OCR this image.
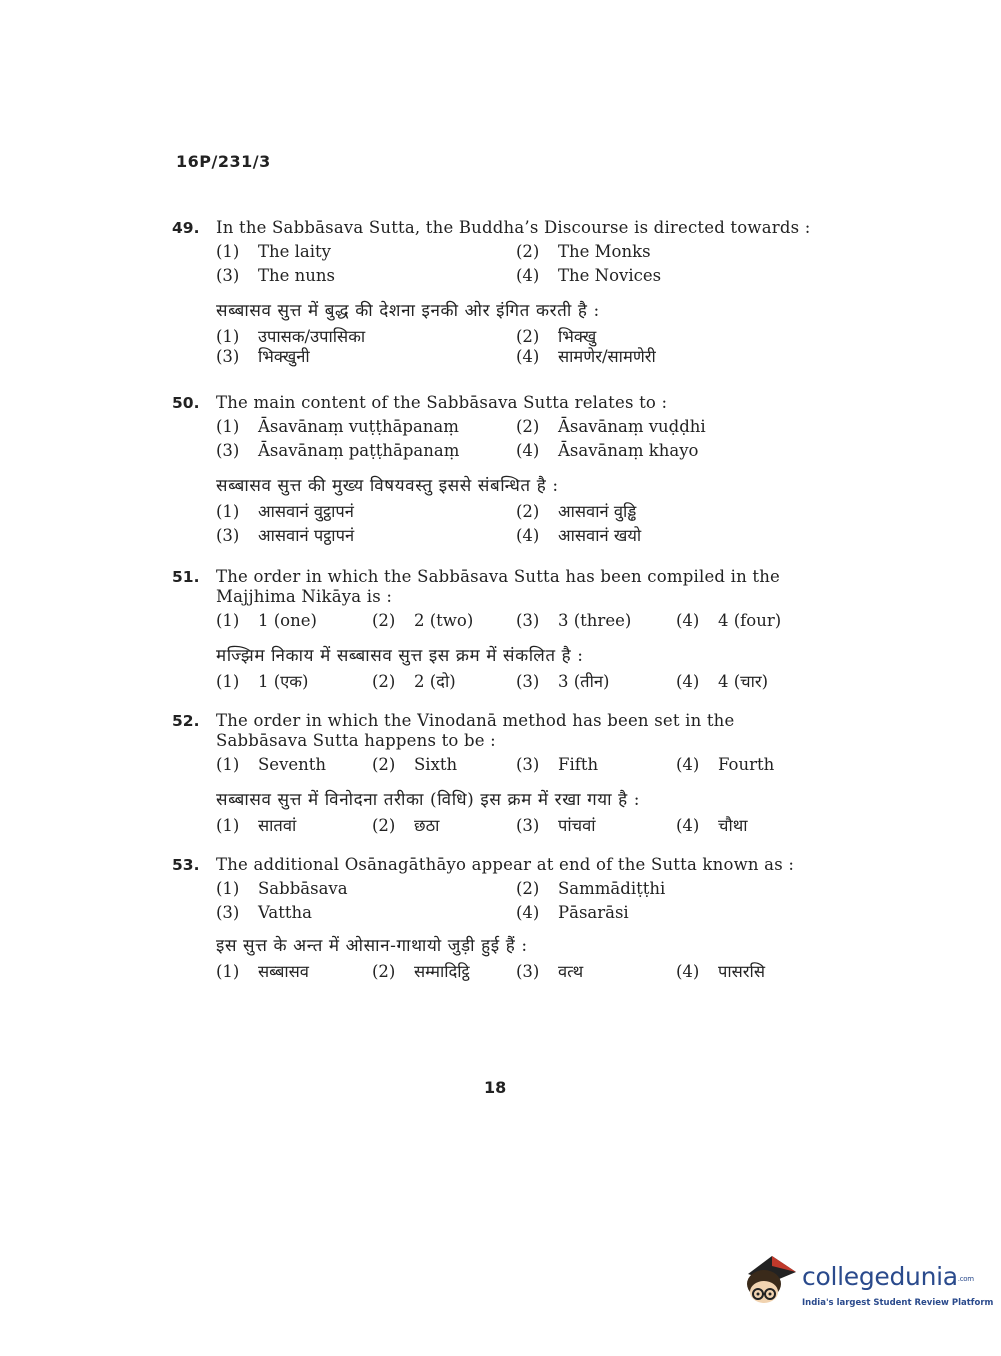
16P/231/3
49. In the Sabbāsava Sutta, the Buddha’s Discourse is directed towards :
(1) The laity	(2) The Monks
(3) The nuns	(4) The Novices
सब्बासव सुत्त में बुद्ध की देशना इनकी ओर इंगित करती है :
(1) उपासक/उपासिका	(2) भिक्खु
(3) भिक्खुनी	(4) सामणेर/सामणेरी
50. The main content of the Sabbāsava Sutta relates to :
(1) Āsavānaṃ vuṭṭhāpanaṃ	(2) Āsavānaṃ vuḍḍhi
(3) Āsavānaṃ paṭṭhāpanaṃ	(4) Āsavānaṃ khayo
सब्बासव सुत्त की मुख्य विषयवस्तु इससे संबन्धित है :
(1) आसवानं वुट्ठापनं	(2) आसवानं वुड्ढि
(3) आसवानं पट्ठापनं	(4) आसवानं खयो
51. The order in which the Sabbāsava Sutta has been compiled in the Majjhima Nikāya is :
(1) 1 (one)	(2) 2 (two)	(3) 3 (three)	(4) 4 (four)
मज्झिम निकाय में सब्बासव सुत्त इस क्रम में संकलित है :
(1) 1 (एक)	(2) 2 (दो)	(3) 3 (तीन)	(4) 4 (चार)
52. The order in which the Vinodanā method has been set in the Sabbāsava Sutta happens to be :
(1) Seventh	(2) Sixth	(3) Fifth	(4) Fourth
सब्बासव सुत्त में विनोदना तरीका (विधि) इस क्रम में रखा गया है :
(1) सातवां	(2) छठा	(3) पांचवां	(4) चौथा
53. The additional Osānagāthāyo appear at end of the Sutta known as :
(1) Sabbāsava	(2) Sammādiṭṭhi
(3) Vattha	(4) Pāsarāsi
इस सुत्त के अन्त में ओसान-गाथायो जुड़ी हुई हैं :
(1) सब्बासव	(2) सम्मादिट्ठि	(3) वत्थ	(4) पासरसि
18
collegedunia.com
India's largest Student Review Platform
